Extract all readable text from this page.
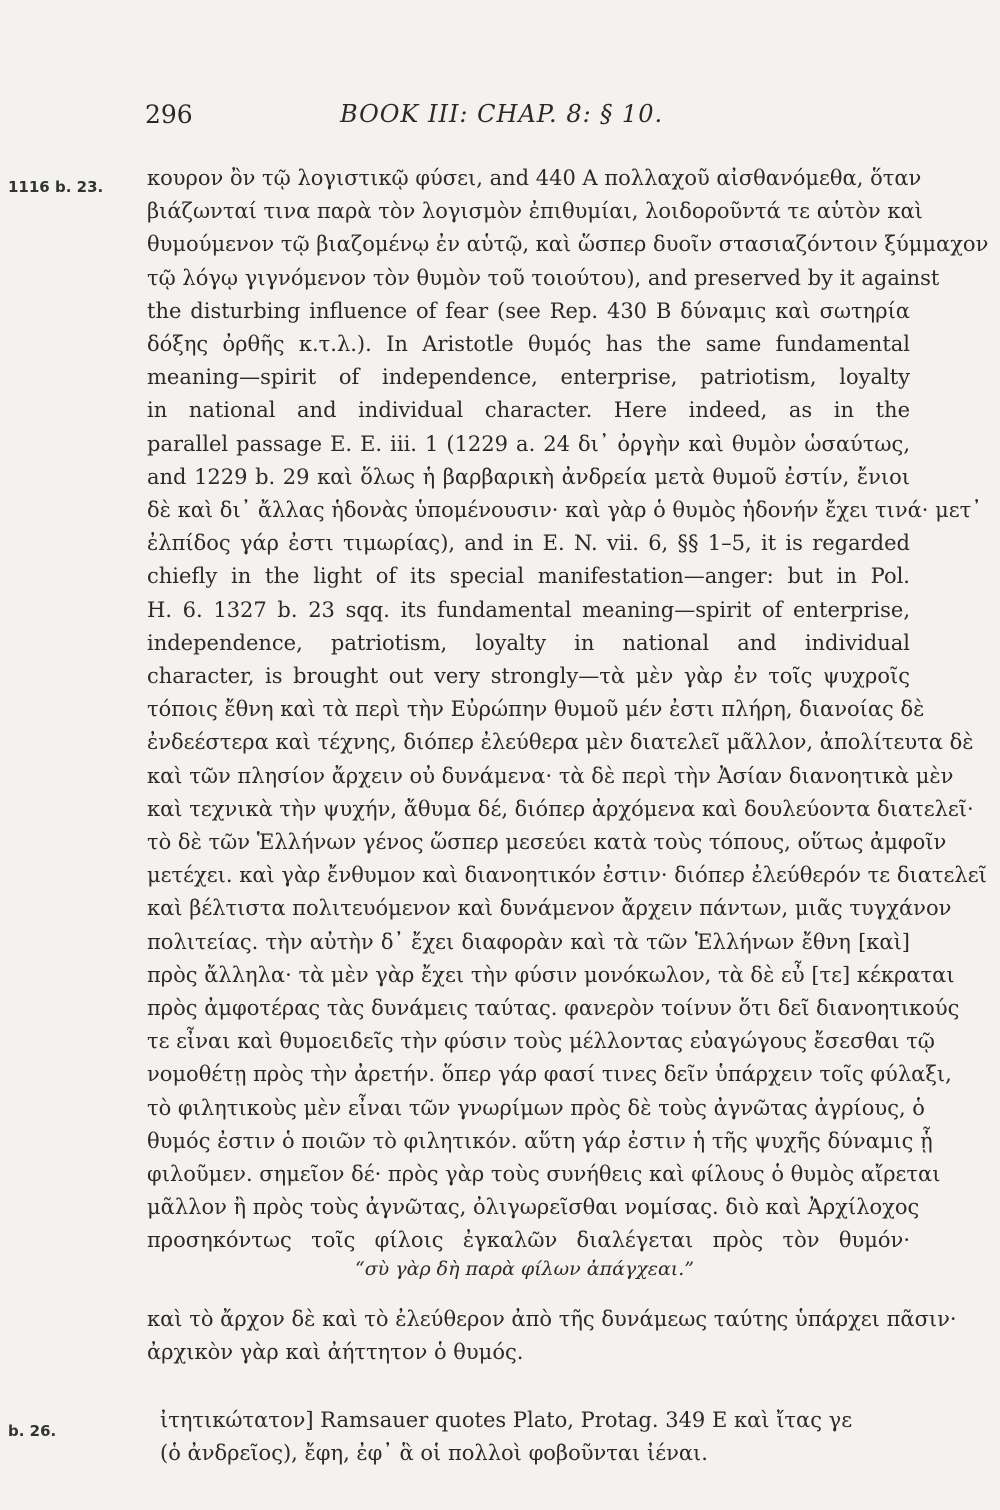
296	BOOK III: CHAP. 8: § 10.
1116 b. 23.
b. 26.
κουρον ὂν τῷ λογιστικῷ φύσει, and 440 A πολλαχοῦ αἰσθανόμεθα, ὅταν
βιάζωνταί τινα παρὰ τὸν λογισμὸν ἐπιθυμίαι, λοιδοροῦντά τε αὑτὸν καὶ
θυμούμενον τῷ βιαζομένῳ ἐν αὑτῷ, καὶ ὥσπερ δυοῖν στασιαζόντοιν ξύμμαχον
τῷ λόγῳ γιγνόμενον τὸν θυμὸν τοῦ τοιούτου), and preserved by it against
the disturbing influence of fear (see Rep. 430 B δύναμις καὶ σωτηρία
δόξης ὀρθῆς κ.τ.λ.). In Aristotle θυμός has the same fundamental
meaning—spirit of independence, enterprise, patriotism, loyalty
in national and individual character. Here indeed, as in the
parallel passage E. E. iii. 1 (1229 a. 24 δι᾽ ὀργὴν καὶ θυμὸν ὡσαύτως,
and 1229 b. 29 καὶ ὅλως ἡ βαρβαρικὴ ἀνδρεία μετὰ θυμοῦ ἐστίν, ἔνιοι
δὲ καὶ δι᾽ ἄλλας ἡδονὰς ὑπομένουσιν· καὶ γὰρ ὁ θυμὸς ἡδονήν ἔχει τινά· μετ᾽
ἐλπίδος γάρ ἐστι τιμωρίας), and in E. N. vii. 6, §§ 1–5, it is regarded
chiefly in the light of its special manifestation—anger: but in Pol.
H. 6. 1327 b. 23 sqq. its fundamental meaning—spirit of enterprise,
independence, patriotism, loyalty in national and individual
character, is brought out very strongly—τὰ μὲν γὰρ ἐν τοῖς ψυχροῖς
τόποις ἔθνη καὶ τὰ περὶ τὴν Εὐρώπην θυμοῦ μέν ἐστι πλήρη, διανοίας δὲ
ἐνδεέστερα καὶ τέχνης, διόπερ ἐλεύθερα μὲν διατελεῖ μᾶλλον, ἀπολίτευτα δὲ
καὶ τῶν πλησίον ἄρχειν οὐ δυνάμενα· τὰ δὲ περὶ τὴν Ἀσίαν διανοητικὰ μὲν
καὶ τεχνικὰ τὴν ψυχήν, ἄθυμα δέ, διόπερ ἀρχόμενα καὶ δουλεύοντα διατελεῖ·
τὸ δὲ τῶν Ἑλλήνων γένος ὥσπερ μεσεύει κατὰ τοὺς τόπους, οὕτως ἀμφοῖν
μετέχει. καὶ γὰρ ἔνθυμον καὶ διανοητικόν ἐστιν· διόπερ ἐλεύθερόν τε διατελεῖ
καὶ βέλτιστα πολιτευόμενον καὶ δυνάμενον ἄρχειν πάντων, μιᾶς τυγχάνον
πολιτείας. τὴν αὐτὴν δ᾽ ἔχει διαφορὰν καὶ τὰ τῶν Ἑλλήνων ἔθνη [καὶ]
πρὸς ἄλληλα· τὰ μὲν γὰρ ἔχει τὴν φύσιν μονόκωλον, τὰ δὲ εὖ [τε] κέκραται
πρὸς ἀμφοτέρας τὰς δυνάμεις ταύτας. φανερὸν τοίνυν ὅτι δεῖ διανοητικούς
τε εἶναι καὶ θυμοειδεῖς τὴν φύσιν τοὺς μέλλοντας εὐαγώγους ἔσεσθαι τῷ
νομοθέτῃ πρὸς τὴν ἀρετήν. ὅπερ γάρ φασί τινες δεῖν ὑπάρχειν τοῖς φύλαξι,
τὸ φιλητικοὺς μὲν εἶναι τῶν γνωρίμων πρὸς δὲ τοὺς ἀγνῶτας ἀγρίους, ὁ
θυμός ἐστιν ὁ ποιῶν τὸ φιλητικόν. αὕτη γάρ ἐστιν ἡ τῆς ψυχῆς δύναμις ᾗ
φιλοῦμεν. σημεῖον δέ· πρὸς γὰρ τοὺς συνήθεις καὶ φίλους ὁ θυμὸς αἴρεται
μᾶλλον ἢ πρὸς τοὺς ἀγνῶτας, ὀλιγωρεῖσθαι νομίσας. διὸ καὶ Ἀρχίλοχος
προσηκόντως τοῖς φίλοις ἐγκαλῶν διαλέγεται πρὸς τὸν θυμόν·
“σὺ γὰρ δὴ παρὰ φίλων ἀπάγχεαι.”
καὶ τὸ ἄρχον δὲ καὶ τὸ ἐλεύθερον ἀπὸ τῆς δυνάμεως ταύτης ὑπάρχει πᾶσιν·
ἀρχικὸν γὰρ καὶ ἀήττητον ὁ θυμός.
ἰτητικώτατον] Ramsauer quotes Plato, Protag. 349 E καὶ ἴτας γε
(ὁ ἀνδρεῖος), ἔφη, ἐφ᾽ ἃ οἱ πολλοὶ φοβοῦνται ἰέναι.
